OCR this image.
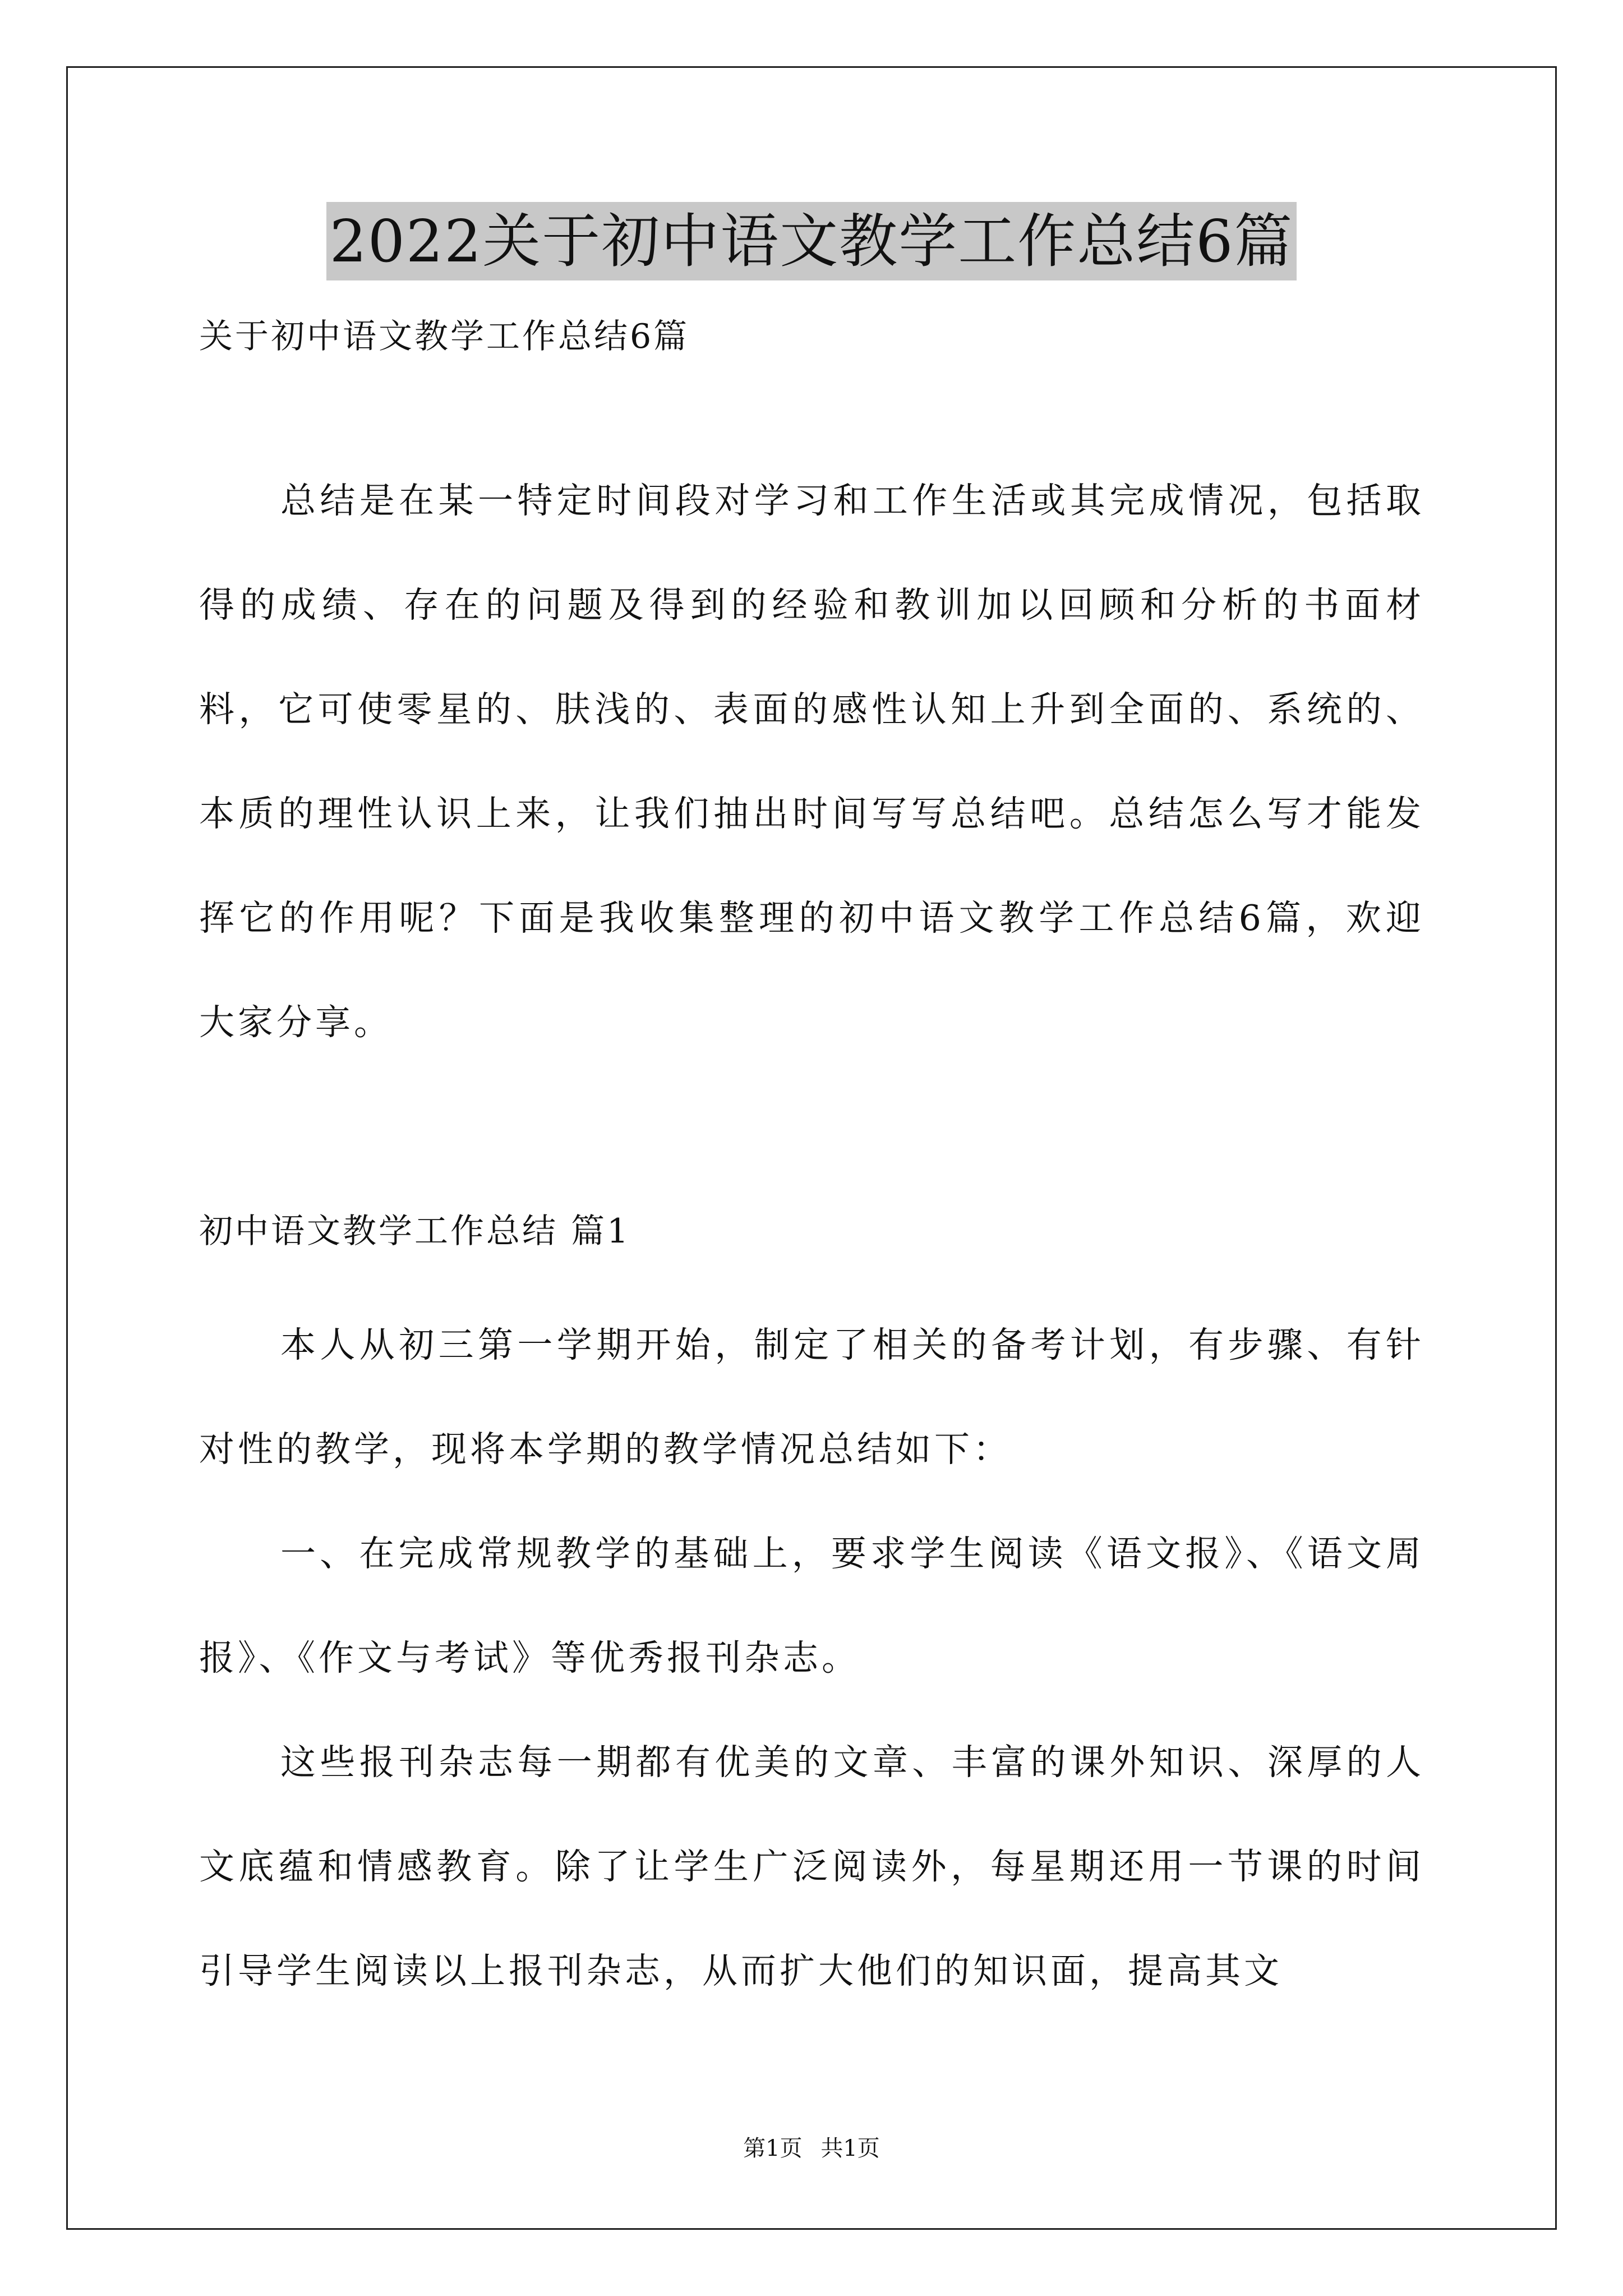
2022关于初中语文教学工作总结6篇
关于初中语文教学工作总结6篇

总结是在某一特定时间段对学习和工作生活或其完成情况，包括取得的成绩、存在的问题及得到的经验和教训加以回顾和分析的书面材料，它可使零星的、肤浅的、表面的感性认知上升到全面的、系统的、本质的理性认识上来，让我们抽出时间写写总结吧。总结怎么写才能发挥它的作用呢？下面是我收集整理的初中语文教学工作总结6篇，欢迎大家分享。

初中语文教学工作总结 篇1

本人从初三第一学期开始，制定了相关的备考计划，有步骤、有针对性的教学，现将本学期的教学情况总结如下：

一、在完成常规教学的基础上，要求学生阅读《语文报》、《语文周报》、《作文与考试》等优秀报刊杂志。

这些报刊杂志每一期都有优美的文章、丰富的课外知识、深厚的人文底蕴和情感教育。除了让学生广泛阅读外，每星期还用一节课的时间引导学生阅读以上报刊杂志，从而扩大他们的知识面，提高其文

第1页 共1页
